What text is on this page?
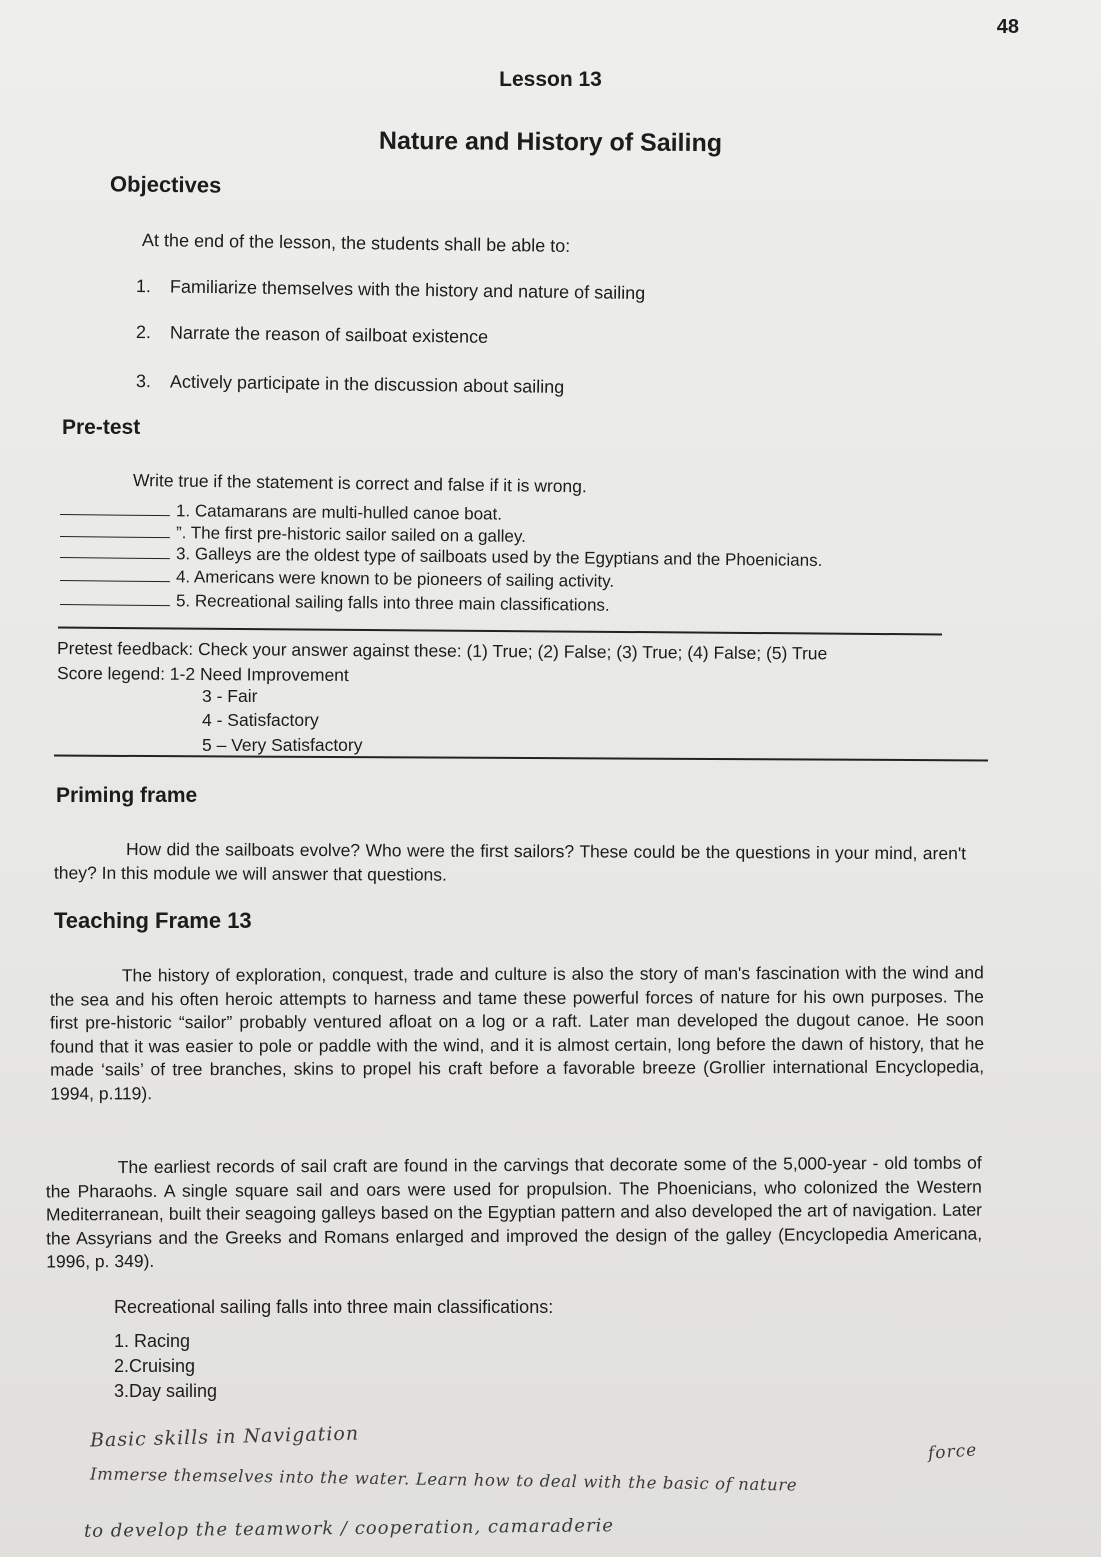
48
Lesson 13
Nature and History of Sailing
Objectives
At the end of the lesson, the students shall be able to:
1. Familiarize themselves with the history and nature of sailing
2. Narrate the reason of sailboat existence
3. Actively participate in the discussion about sailing
Pre-test
Write true if the statement is correct and false if it is wrong.
1. Catamarans are multi-hulled canoe boat.
”. The first pre-historic sailor sailed on a galley.
3. Galleys are the oldest type of sailboats used by the Egyptians and the Phoenicians.
4. Americans were known to be pioneers of sailing activity.
5. Recreational sailing falls into three main classifications.
Pretest feedback: Check your answer against these: (1) True; (2) False; (3) True; (4) False; (5) True
Score legend: 1-2 Need Improvement
3 - Fair
4 - Satisfactory
5 – Very Satisfactory
Priming frame
How did the sailboats evolve? Who were the first sailors? These could be the questions in your mind, aren't they? In this module we will answer that questions.
Teaching Frame 13
The history of exploration, conquest, trade and culture is also the story of man's fascination with the wind and the sea and his often heroic attempts to harness and tame these powerful forces of nature for his own purposes. The first pre-historic “sailor” probably ventured afloat on a log or a raft. Later man developed the dugout canoe. He soon found that it was easier to pole or paddle with the wind, and it is almost certain, long before the dawn of history, that he made ‘sails’ of tree branches, skins to propel his craft before a favorable breeze (Grollier international Encyclopedia, 1994, p.119).
The earliest records of sail craft are found in the carvings that decorate some of the 5,000-year - old tombs of the Pharaohs. A single square sail and oars were used for propulsion. The Phoenicians, who colonized the Western Mediterranean, built their seagoing galleys based on the Egyptian pattern and also developed the art of navigation. Later the Assyrians and the Greeks and Romans enlarged and improved the design of the galley (Encyclopedia Americana, 1996, p. 349).
Recreational sailing falls into three main classifications:
1. Racing
2.Cruising
3.Day sailing
Basic skills in Navigation
force
Immerse themselves into the water. Learn how to deal with the basic of nature
to develop the teamwork / cooperation, camaraderie
